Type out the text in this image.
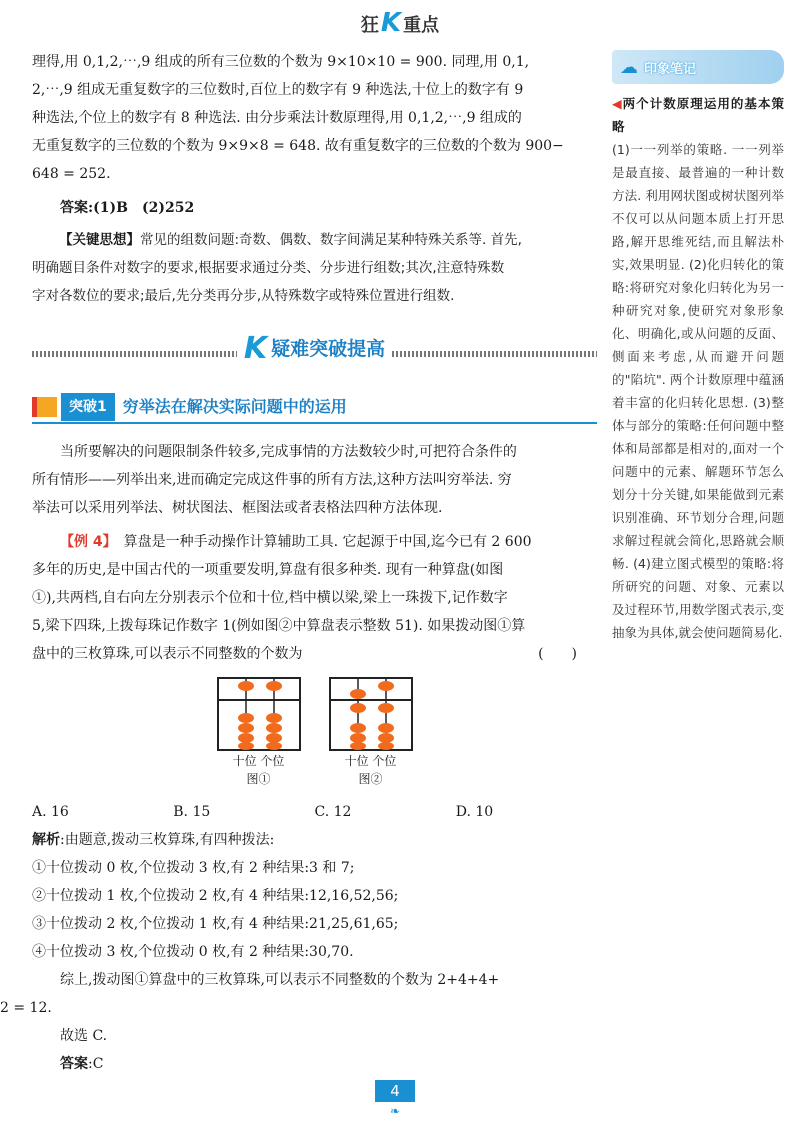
狂K 重点

理得,用 0,1,2,⋯,9 组成的所有三位数的个数为 9×10×10 = 900. 同理,用 0,1,

2,⋯,9 组成无重复数字的三位数时,百位上的数字有 9 种选法,十位上的数字有 9

种选法,个位上的数字有 8 种选法. 由分步乘法计数原理得,用 0,1,2,⋯,9 组成的

无重复数字的三位数的个数为 9×9×8 = 648. 故有重复数字的三位数的个数为 900−

648 = 252.

答案:(1)B　(2)252

【关键思想】常见的组数问题:奇数、偶数、数字间满足某种特殊关系等. 首先,

明确题目条件对数字的要求,根据要求通过分类、分步进行组数;其次,注意特殊数

字对各数位的要求;最后,先分类再分步,从特殊数字或特殊位置进行组数.

K疑难突破提高
突破1	穷举法在解决实际问题中的运用

当所要解决的问题限制条件较多,完成事情的方法数较少时,可把符合条件的

所有情形——列举出来,进而确定完成这件事的所有方法,这种方法叫穷举法. 穷

举法可以采用列举法、树状图法、框图法或者表格法四种方法体现.

【例 4】　 算盘是一种手动操作计算辅助工具. 它起源于中国,迄今已有 2 600

多年的历史,是中国古代的一项重要发明,算盘有很多种类. 现有一种算盘(如图

①),共两档,自右向左分别表示个位和十位,档中横以梁,梁上一珠拨下,记作数字

5,梁下四珠,上拨每珠记作数字 1(例如图②中算盘表示整数 51). 如果拨动图①算

盘中的三枚算珠,可以表示不同整数的个数为	(　　)

十位 个位
图①
十位 个位
图②
A. 16	B. 15	C. 12	D. 10

解析:由题意,拨动三枚算珠,有四种拨法:

①十位拨动 0 枚,个位拨动 3 枚,有 2 种结果:3 和 7;

②十位拨动 1 枚,个位拨动 2 枚,有 4 种结果:12,16,52,56;

③十位拨动 2 枚,个位拨动 1 枚,有 4 种结果:21,25,61,65;

④十位拨动 3 枚,个位拨动 0 枚,有 2 种结果:30,70.

综上,拨动图①算盘中的三枚算珠,可以表示不同整数的个数为 2+4+4+

2 = 12.

故选 C.

答案:C

☁ 印象笔记
◀两个计数原理运用的基本策略
(1)一一列举的策略. 一一列举是最直接、最普遍的一种计数方法. 利用网状图或树状图列举不仅可以从问题本质上打开思路,解开思维死结,而且解法朴实,效果明显. (2)化归转化的策略:将研究对象化归转化为另一种研究对象,使研究对象形象化、明确化,或从问题的反面、侧面来考虑,从而避开问题的"陷坑". 两个计数原理中蕴涵着丰富的化归转化思想. (3)整体与部分的策略:任何问题中整体和局部都是相对的,面对一个问题中的元素、解题环节怎么划分十分关键,如果能做到元素识别准确、环节划分合理,问题求解过程就会简化,思路就会顺畅. (4)建立图式模型的策略:将所研究的问题、对象、元素以及过程环节,用数学图式表示,变抽象为具体,就会使问题简易化.
4
❧
